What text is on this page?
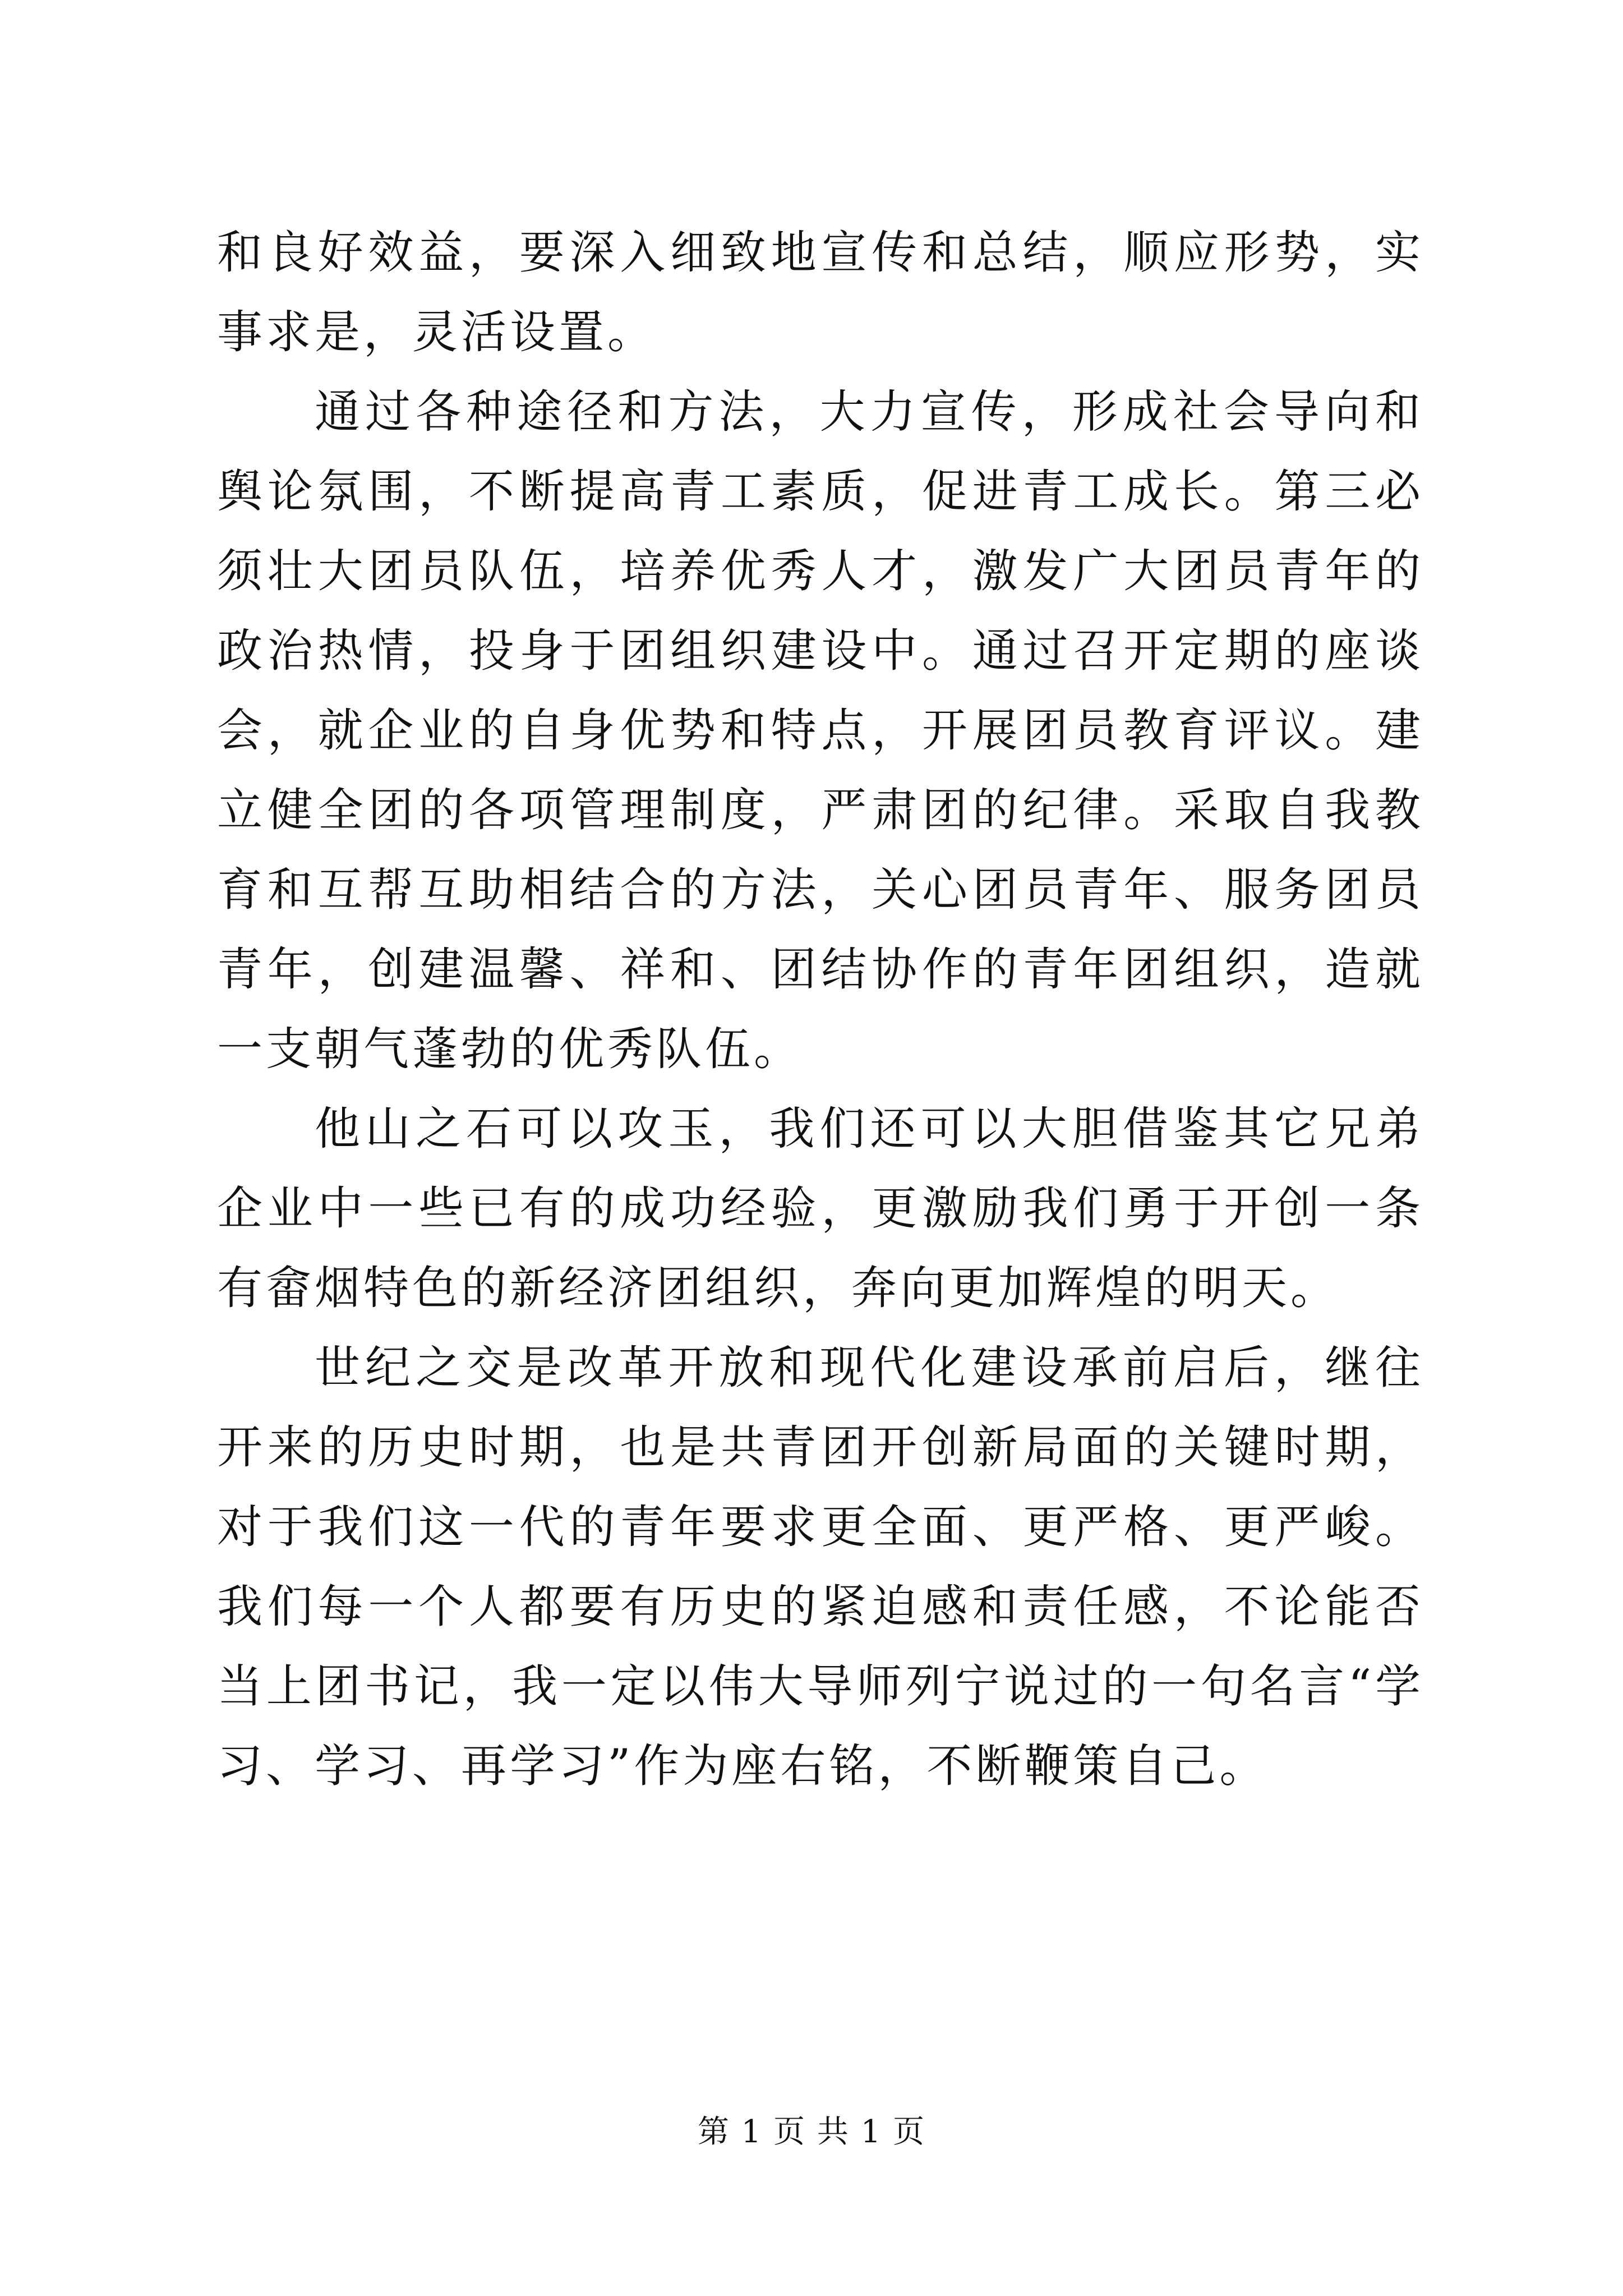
和良好效益，要深入细致地宣传和总结，顺应形势，实事求是，灵活设置。

通过各种途径和方法，大力宣传，形成社会导向和舆论氛围，不断提高青工素质，促进青工成长。第三必须壮大团员队伍，培养优秀人才，激发广大团员青年的政治热情，投身于团组织建设中。通过召开定期的座谈会，就企业的自身优势和特点，开展团员教育评议。建立健全团的各项管理制度，严肃团的纪律。采取自我教育和互帮互助相结合的方法，关心团员青年、服务团员青年，创建温馨、祥和、团结协作的青年团组织，造就一支朝气蓬勃的优秀队伍。

他山之石可以攻玉，我们还可以大胆借鉴其它兄弟企业中一些已有的成功经验，更激励我们勇于开创一条有畲烟特色的新经济团组织，奔向更加辉煌的明天。

世纪之交是改革开放和现代化建设承前启后，继往开来的历史时期，也是共青团开创新局面的关键时期，对于我们这一代的青年要求更全面、更严格、更严峻。我们每一个人都要有历史的紧迫感和责任感，不论能否当上团书记，我一定以伟大导师列宁说过的一句名言“学习、学习、再学习”作为座右铭，不断鞭策自己。

第 1 页 共 1 页
